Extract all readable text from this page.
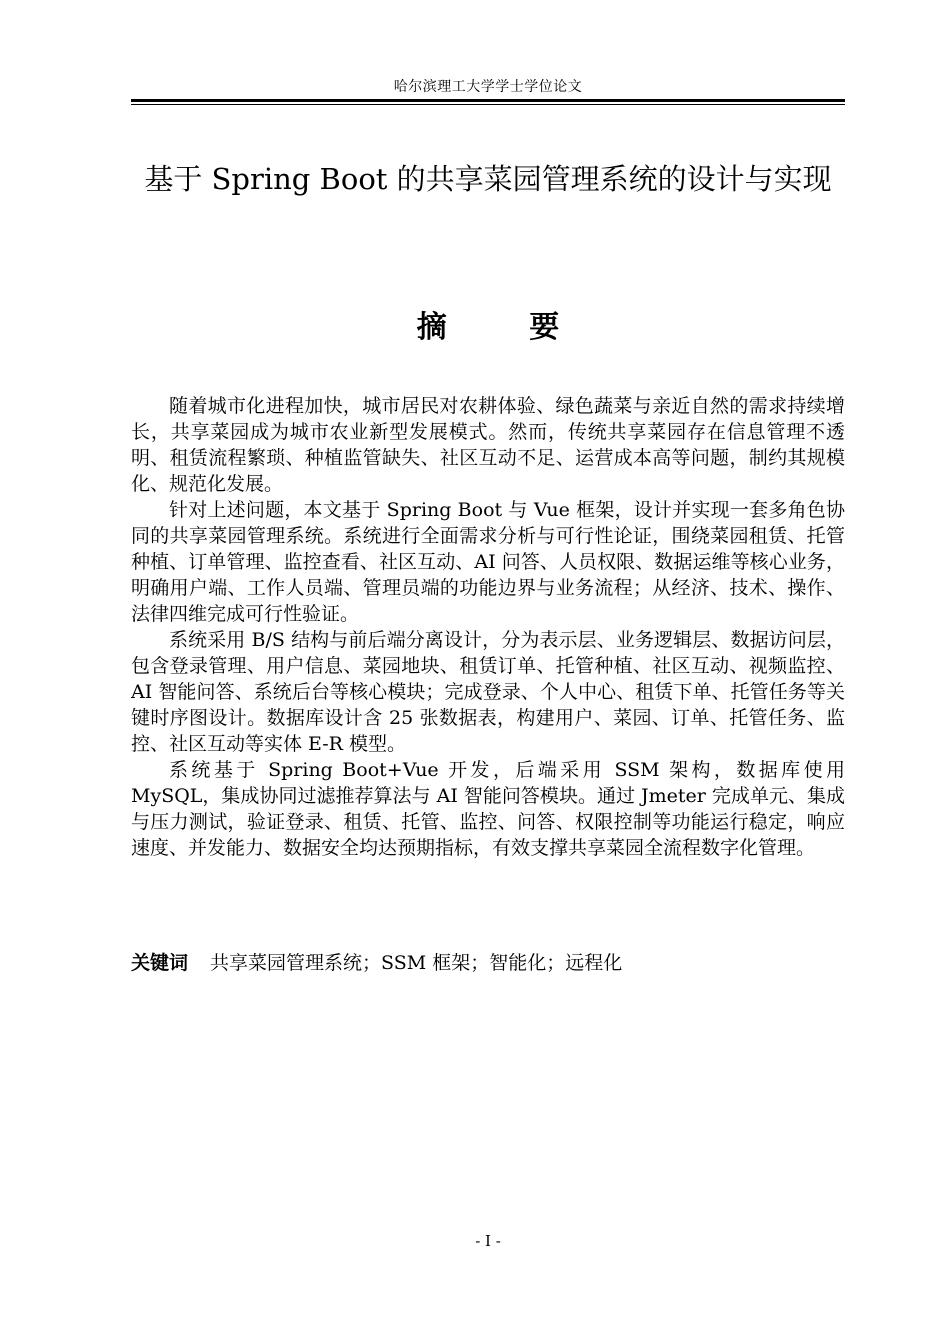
哈尔滨理工大学学士学位论文
基于 Spring Boot 的共享菜园管理系统的设计与实现
摘 要

随着城市化进程加快，城市居民对农耕体验、绿色蔬菜与亲近自然的需求持续增长，共享菜园成为城市农业新型发展模式。然而，传统共享菜园存在信息管理不透明、租赁流程繁琐、种植监管缺失、社区互动不足、运营成本高等问题，制约其规模化、规范化发展。

针对上述问题，本文基于 Spring Boot 与 Vue 框架，设计并实现一套多角色协同的共享菜园管理系统。系统进行全面需求分析与可行性论证，围绕菜园租赁、托管种植、订单管理、监控查看、社区互动、AI 问答、人员权限、数据运维等核心业务，明确用户端、工作人员端、管理员端的功能边界与业务流程；从经济、技术、操作、法律四维完成可行性验证。

系统采用 B/S 结构与前后端分离设计，分为表示层、业务逻辑层、数据访问层，包含登录管理、用户信息、菜园地块、租赁订单、托管种植、社区互动、视频监控、AI 智能问答、系统后台等核心模块；完成登录、个人中心、租赁下单、托管任务等关键时序图设计。数据库设计含 25 张数据表，构建用户、菜园、订单、托管任务、监控、社区互动等实体 E-R 模型。

系统基于 Spring Boot+Vue 开发，后端采用 SSM 架构，数据库使用 MySQL，集成协同过滤推荐算法与 AI 智能问答模块。通过 Jmeter 完成单元、集成与压力测试，验证登录、租赁、托管、监控、问答、权限控制等功能运行稳定，响应速度、并发能力、数据安全均达预期指标，有效支撑共享菜园全流程数字化管理。

关键词 共享菜园管理系统；SSM 框架；智能化；远程化
- I -
